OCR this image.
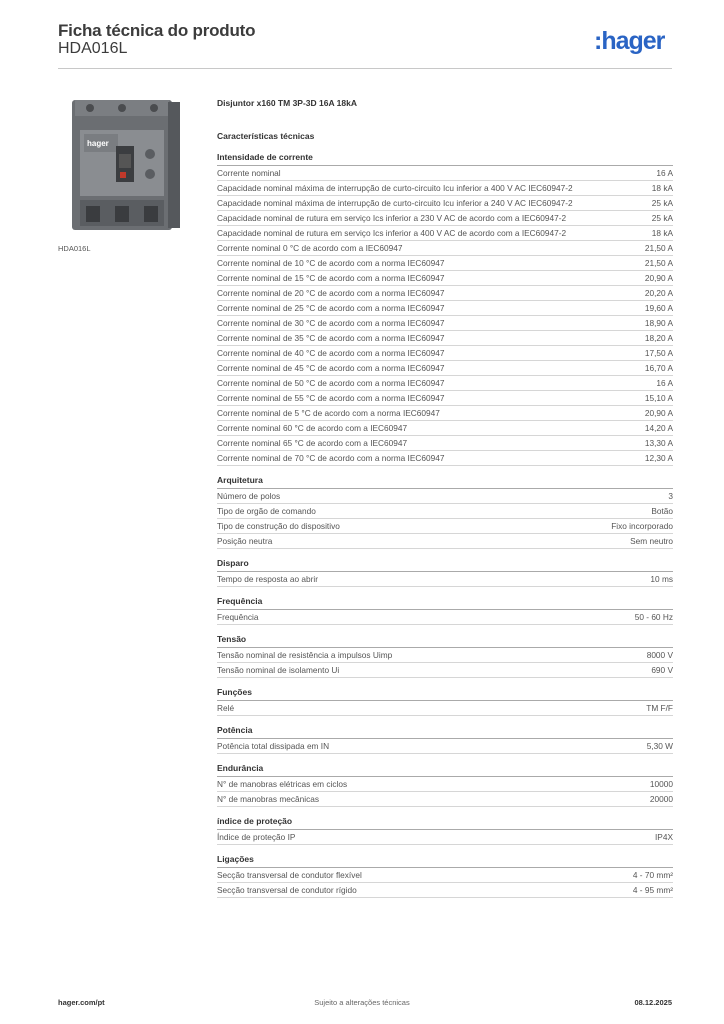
Ficha técnica do produto
HDA016L	:hager
hager
HDA016L
Disjuntor x160 TM 3P-3D 16A 18kA
Características técnicas
Intensidade de corrente
Corrente nominal	16 A
Capacidade nominal máxima de interrupção de curto-circuito Icu inferior a 400 V AC IEC60947-2	18 kA
Capacidade nominal máxima de interrupção de curto-circuito Icu inferior a 240 V AC IEC60947-2	25 kA
Capacidade nominal de rutura em serviço Ics inferior a 230 V AC de acordo com a IEC60947-2	25 kA
Capacidade nominal de rutura em serviço Ics inferior a 400 V AC de acordo com a IEC60947-2	18 kA
Corrente nominal 0 °C de acordo com a IEC60947	21,50 A
Corrente nominal de 10 °C de acordo com a norma IEC60947	21,50 A
Corrente nominal de 15 °C de acordo com a norma IEC60947	20,90 A
Corrente nominal de 20 °C de acordo com a norma IEC60947	20,20 A
Corrente nominal de 25 °C de acordo com a norma IEC60947	19,60 A
Corrente nominal de 30 °C de acordo com a norma IEC60947	18,90 A
Corrente nominal de 35 °C de acordo com a norma IEC60947	18,20 A
Corrente nominal de 40 °C de acordo com a norma IEC60947	17,50 A
Corrente nominal de 45 °C de acordo com a norma IEC60947	16,70 A
Corrente nominal de 50 °C de acordo com a norma IEC60947	16 A
Corrente nominal de 55 °C de acordo com a norma IEC60947	15,10 A
Corrente nominal de 5 °C de acordo com a norma IEC60947	20,90 A
Corrente nominal 60 °C de acordo com a IEC60947	14,20 A
Corrente nominal 65 °C de acordo com a IEC60947	13,30 A
Corrente nominal de 70 °C de acordo com a norma IEC60947	12,30 A
Arquitetura
Número de polos	3
Tipo de orgão de comando	Botão
Tipo de construção do dispositivo	Fixo incorporado
Posição neutra	Sem neutro
Disparo
Tempo de resposta ao abrir	10 ms
Frequência
Frequência	50 - 60 Hz
Tensão
Tensão nominal de resistência a impulsos Uimp	8000 V
Tensão nominal de isolamento Ui	690 V
Funções
Relé	TM F/F
Potência
Potência total dissipada em IN	5,30 W
Endurância
N° de manobras elétricas em ciclos	10000
N° de manobras mecânicas	20000
índice de proteção
Índice de proteção IP	IP4X
Ligações
Secção transversal de condutor flexível	4 - 70 mm²
Secção transversal de condutor rígido	4 - 95 mm²
hager.com/pt	Sujeito a alterações técnicas	08.12.2025
